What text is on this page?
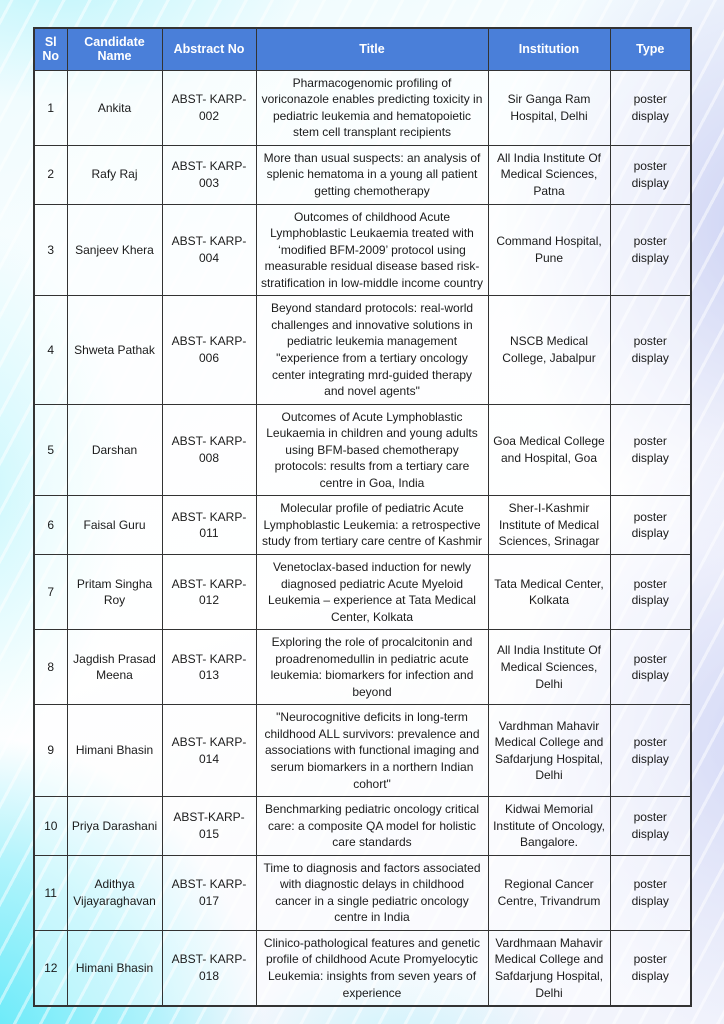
Sl No	Candidate Name	Abstract No	Title	Institution	Type
1	Ankita	ABST- KARP-002	Pharmacogenomic profiling of voriconazole enables predicting toxicity in pediatric leukemia and hematopoietic stem cell transplant recipients	Sir Ganga Ram Hospital, Delhi	poster display
2	Rafy Raj	ABST- KARP-003	More than usual suspects: an analysis of splenic hematoma in a young all patient getting chemotherapy	All India Institute Of Medical Sciences, Patna	poster display
3	Sanjeev Khera	ABST- KARP-004	Outcomes of childhood Acute Lymphoblastic Leukaemia treated with ‘modified BFM-2009’ protocol using measurable residual disease based risk-stratification in low-middle income country	Command Hospital, Pune	poster display
4	Shweta Pathak	ABST- KARP-006	Beyond standard protocols: real-world challenges and innovative solutions in pediatric leukemia management "experience from a tertiary oncology center integrating mrd-guided therapy and novel agents"	NSCB Medical College, Jabalpur	poster display
5	Darshan	ABST- KARP-008	Outcomes of Acute Lymphoblastic Leukaemia in children and young adults using BFM-based chemotherapy protocols: results from a tertiary care centre in Goa, India	Goa Medical College and Hospital, Goa	poster display
6	Faisal Guru	ABST- KARP-011	Molecular profile of pediatric Acute Lymphoblastic Leukemia: a retrospective study from tertiary care centre of Kashmir	Sher-I-Kashmir Institute of Medical Sciences, Srinagar	poster display
7	Pritam Singha Roy	ABST- KARP-012	Venetoclax-based induction for newly diagnosed pediatric Acute Myeloid Leukemia – experience at Tata Medical Center, Kolkata	Tata Medical Center, Kolkata	poster display
8	Jagdish Prasad Meena	ABST- KARP-013	Exploring the role of procalcitonin and proadrenomedullin in pediatric acute leukemia: biomarkers for infection and beyond	All India Institute Of Medical Sciences, Delhi	poster display
9	Himani Bhasin	ABST- KARP-014	"Neurocognitive deficits in long-term childhood ALL survivors: prevalence and associations with functional imaging and serum biomarkers in a northern Indian cohort"	Vardhman Mahavir Medical College and Safdarjung Hospital, Delhi	poster display
10	Priya Darashani	ABST-KARP-015	Benchmarking pediatric oncology critical care: a composite QA model for holistic care standards	Kidwai Memorial Institute of Oncology, Bangalore.	poster display
11	Adithya Vijayaraghavan	ABST- KARP-017	Time to diagnosis and factors associated with diagnostic delays in childhood cancer in a single pediatric oncology centre in India	Regional Cancer Centre, Trivandrum	poster display
12	Himani Bhasin	ABST- KARP-018	Clinico-pathological features and genetic profile of childhood Acute Promyelocytic Leukemia: insights from seven years of experience	Vardhmaan Mahavir Medical College and Safdarjung Hospital, Delhi	poster display
